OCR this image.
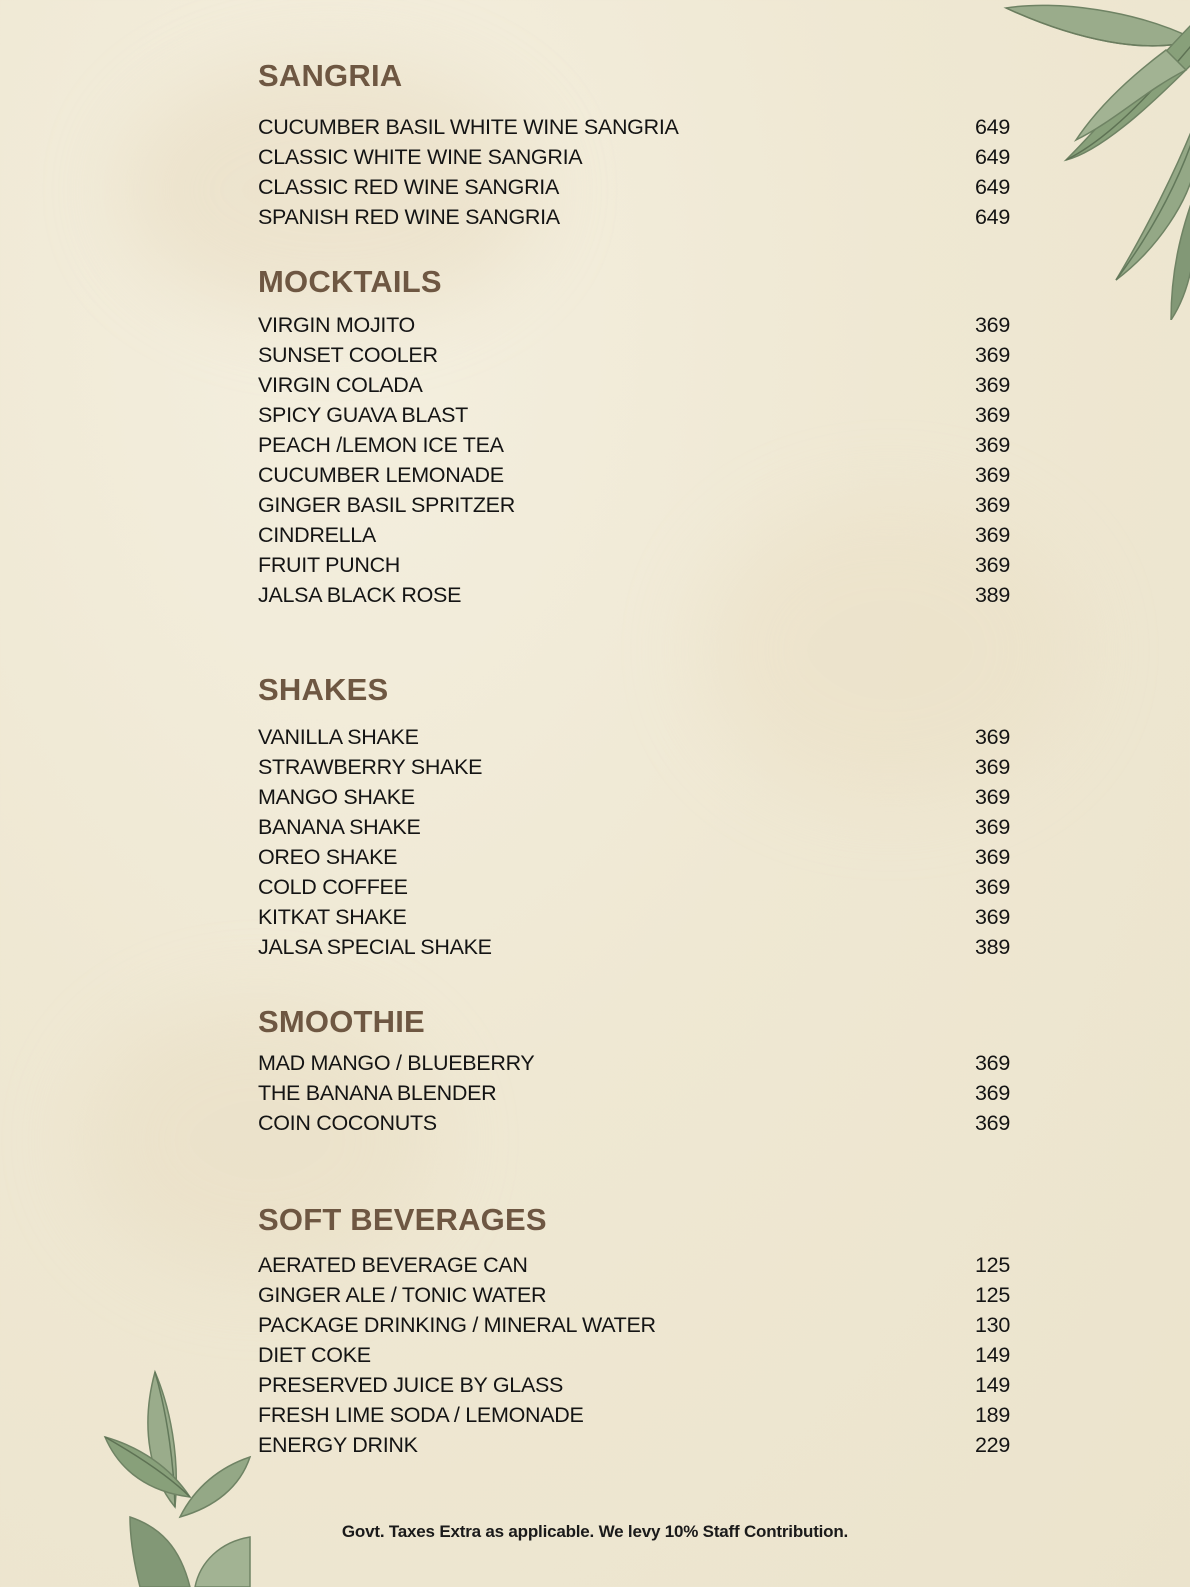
SANGRIA
CUCUMBER BASIL WHITE WINE SANGRIA	649
CLASSIC WHITE WINE SANGRIA	649
CLASSIC RED WINE SANGRIA	649
SPANISH RED WINE SANGRIA	649
MOCKTAILS
VIRGIN MOJITO	369
SUNSET COOLER	369
VIRGIN COLADA	369
SPICY GUAVA BLAST	369
PEACH /LEMON ICE TEA	369
CUCUMBER LEMONADE	369
GINGER BASIL SPRITZER	369
CINDRELLA	369
FRUIT PUNCH	369
JALSA BLACK ROSE	389
SHAKES
VANILLA SHAKE	369
STRAWBERRY SHAKE	369
MANGO SHAKE	369
BANANA SHAKE	369
OREO SHAKE	369
COLD COFFEE	369
KITKAT SHAKE	369
JALSA SPECIAL SHAKE	389
SMOOTHIE
MAD MANGO / BLUEBERRY	369
THE BANANA BLENDER	369
COIN COCONUTS	369
SOFT BEVERAGES
AERATED BEVERAGE CAN	125
GINGER ALE / TONIC WATER	125
PACKAGE DRINKING / MINERAL WATER	130
DIET COKE	149
PRESERVED JUICE BY GLASS	149
FRESH LIME SODA / LEMONADE	189
ENERGY DRINK	229
Govt. Taxes Extra as applicable. We levy 10% Staff Contribution.
